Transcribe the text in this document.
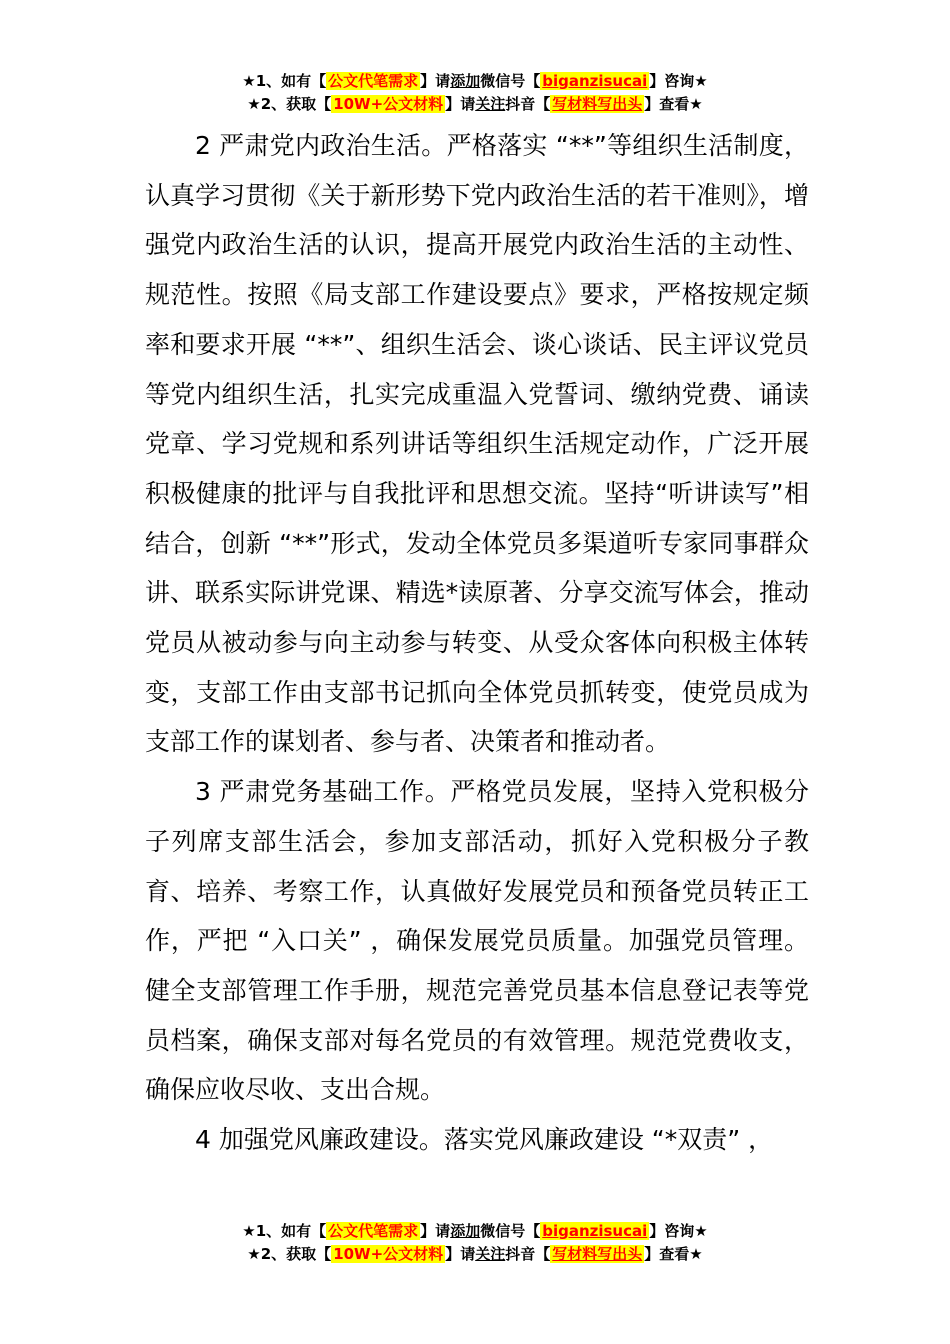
★1、如有【 公文代笔需求 】请添加微信号【 biganzisucai 】咨询★
★2、获取【 10W+公文材料 】请关注抖音【 写材料写出头 】查看★

2 严肃党内政治生活。严格落实 “**”等组织生活制度，认真学习贯彻《关于新形势下党内政治生活的若干准则》，增强党内政治生活的认识，提高开展党内政治生活的主动性、规范性。按照《局支部工作建设要点》要求，严格按规定频率和要求开展 “**”、组织生活会、谈心谈话、民主评议党员等党内组织生活，扎实完成重温入党誓词、缴纳党费、诵读党章、学习党规和系列讲话等组织生活规定动作，广泛开展积极健康的批评与自我批评和思想交流。坚持“听讲读写”相结合，创新 “**”形式，发动全体党员多渠道听专家同事群众讲、联系实际讲党课、精选*读原著、分享交流写体会，推动党员从被动参与向主动参与转变、从受众客体向积极主体转变，支部工作由支部书记抓向全体党员抓转变，使党员成为支部工作的谋划者、参与者、决策者和推动者。

3 严肃党务基础工作。严格党员发展，坚持入党积极分子列席支部生活会，参加支部活动，抓好入党积极分子教育、培养、考察工作，认真做好发展党员和预备党员转正工作，严把 “入口关” ，确保发展党员质量。加强党员管理。健全支部管理工作手册，规范完善党员基本信息登记表等党员档案，确保支部对每名党员的有效管理。规范党费收支，确保应收尽收、支出合规。

4 加强党风廉政建设。落实党风廉政建设 “*双责” ，

★1、如有【 公文代笔需求 】请添加微信号【 biganzisucai 】咨询★
★2、获取【 10W+公文材料 】请关注抖音【 写材料写出头 】查看★
